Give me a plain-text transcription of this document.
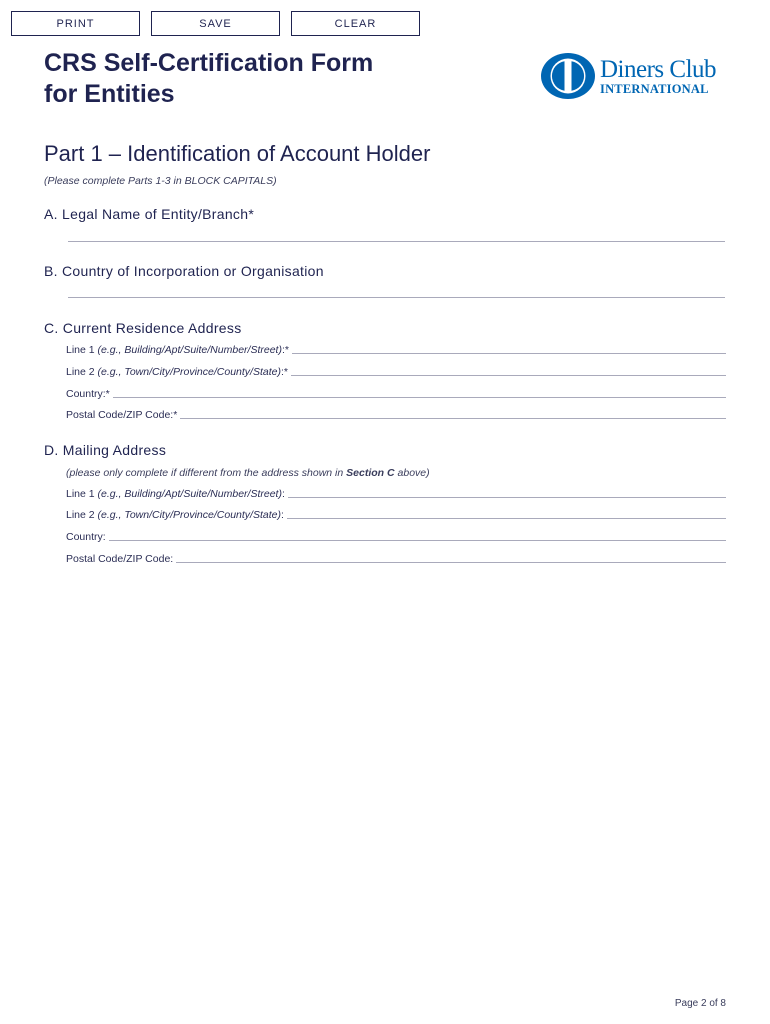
PRINT	SAVE	CLEAR
CRS Self-Certification Form
for Entities
Diners Club
INTERNATIONAL
Part 1 – Identification of Account Holder
(Please complete Parts 1-3 in BLOCK CAPITALS)
A. Legal Name of Entity/Branch*
B. Country of Incorporation or Organisation
C. Current Residence Address
Line 1 (e.g., Building/Apt/Suite/Number/Street):*
Line 2 (e.g., Town/City/Province/County/State):*
Country:*
Postal Code/ZIP Code:*
D. Mailing Address
(please only complete if different from the address shown in Section C above)
Line 1 (e.g., Building/Apt/Suite/Number/Street):
Line 2 (e.g., Town/City/Province/County/State):
Country:
Postal Code/ZIP Code:
Page 2 of 8
